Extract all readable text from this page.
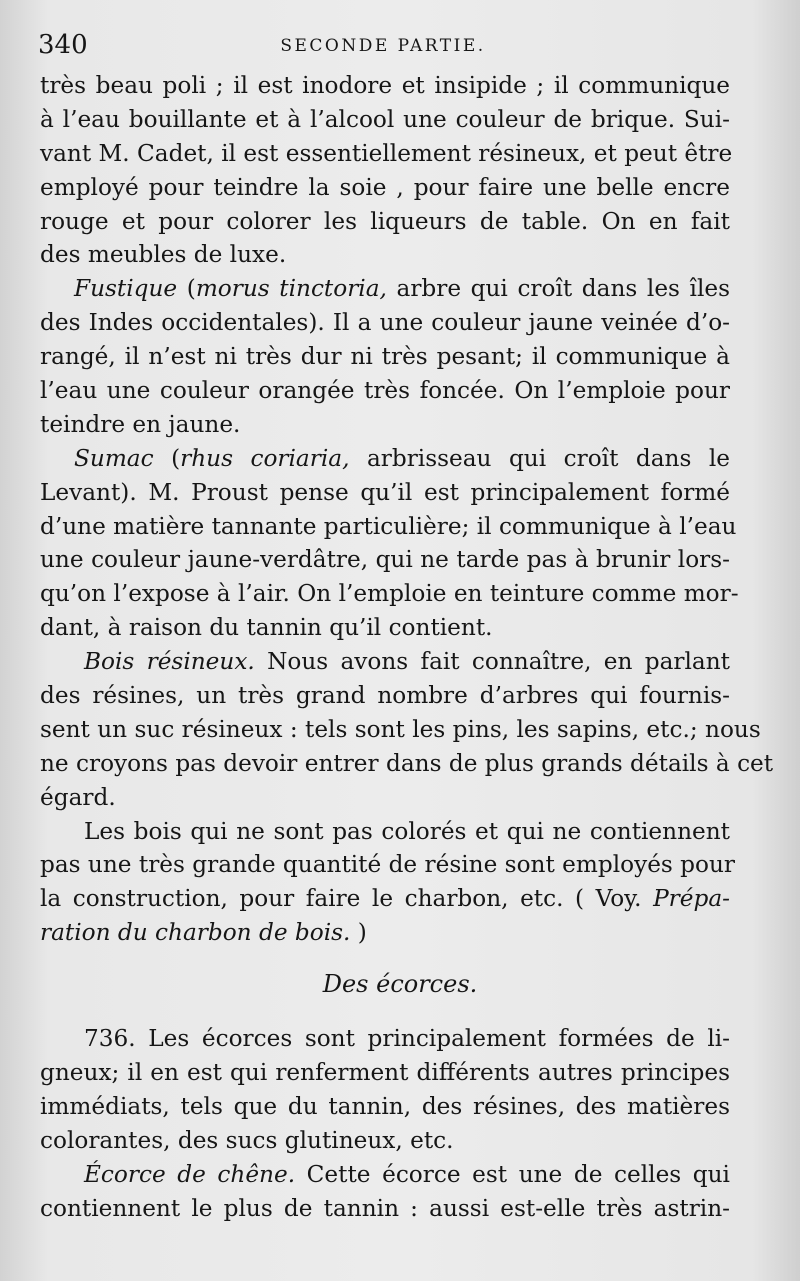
340	SECONDE PARTIE.
très beau poli ; il est inodore et insipide ; il communique
à l’eau bouillante et à l’alcool une couleur de brique. Sui-
vant M. Cadet, il est essentiellement résineux, et peut être
employé pour teindre la soie , pour faire une belle encre
rouge et pour colorer les liqueurs de table. On en fait
des meubles de luxe.
Fustique (morus tinctoria, arbre qui croît dans les îles
des Indes occidentales). Il a une couleur jaune veinée d’o-
rangé, il n’est ni très dur ni très pesant; il communique à
l’eau une couleur orangée très foncée. On l’emploie pour
teindre en jaune.
Sumac (rhus coriaria, arbrisseau qui croît dans le
Levant). M. Proust pense qu’il est principalement formé
d’une matière tannante particulière; il communique à l’eau
une couleur jaune-verdâtre, qui ne tarde pas à brunir lors-
qu’on l’expose à l’air. On l’emploie en teinture comme mor-
dant, à raison du tannin qu’il contient.
Bois résineux. Nous avons fait connaître, en parlant
des résines, un très grand nombre d’arbres qui fournis-
sent un suc résineux : tels sont les pins, les sapins, etc.; nous
ne croyons pas devoir entrer dans de plus grands détails à cet
égard.
Les bois qui ne sont pas colorés et qui ne contiennent
pas une très grande quantité de résine sont employés pour
la construction, pour faire le charbon, etc. ( Voy. Prépa-
ration du charbon de bois. )
Des écorces.
736. Les écorces sont principalement formées de li-
gneux; il en est qui renferment différents autres principes
immédiats, tels que du tannin, des résines, des matières
colorantes, des sucs glutineux, etc.
Écorce de chêne. Cette écorce est une de celles qui
contiennent le plus de tannin : aussi est-elle très astrin-
